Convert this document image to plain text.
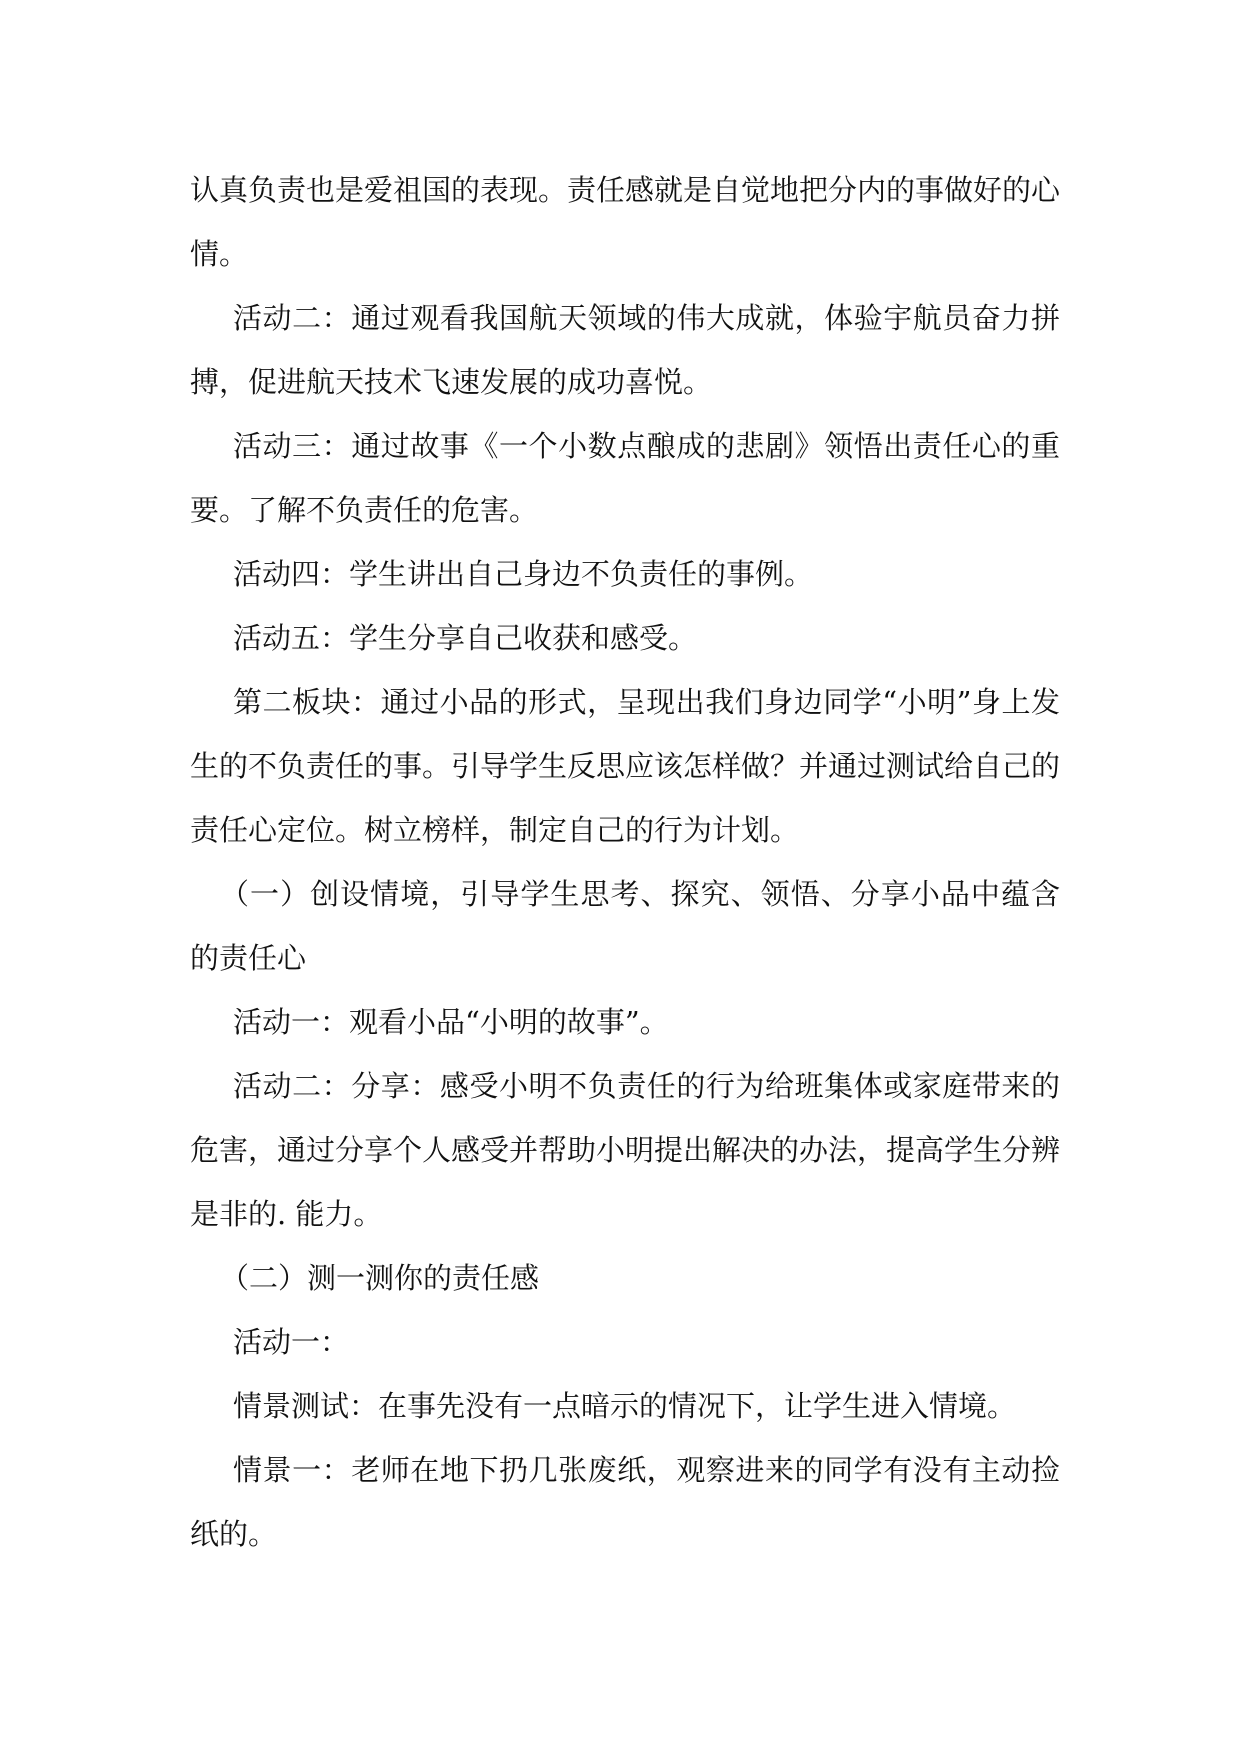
认真负责也是爱祖国的表现。责任感就是自觉地把分内的事做好的心情。

活动二：通过观看我国航天领域的伟大成就，体验宇航员奋力拼搏，促进航天技术飞速发展的成功喜悦。

活动三：通过故事《一个小数点酿成的悲剧》领悟出责任心的重要。了解不负责任的危害。

活动四：学生讲出自己身边不负责任的事例。

活动五：学生分享自己收获和感受。

第二板块：通过小品的形式，呈现出我们身边同学“小明”身上发生的不负责任的事。引导学生反思应该怎样做？并通过测试给自己的责任心定位。树立榜样，制定自己的行为计划。

（一）创设情境，引导学生思考、探究、领悟、分享小品中蕴含的责任心

活动一：观看小品“小明的故事”。

活动二：分享：感受小明不负责任的行为给班集体或家庭带来的危害，通过分享个人感受并帮助小明提出解决的办法，提高学生分辨是非的. 能力。

（二）测一测你的责任感

活动一：

情景测试：在事先没有一点暗示的情况下，让学生进入情境。

情景一：老师在地下扔几张废纸，观察进来的同学有没有主动捡纸的。
